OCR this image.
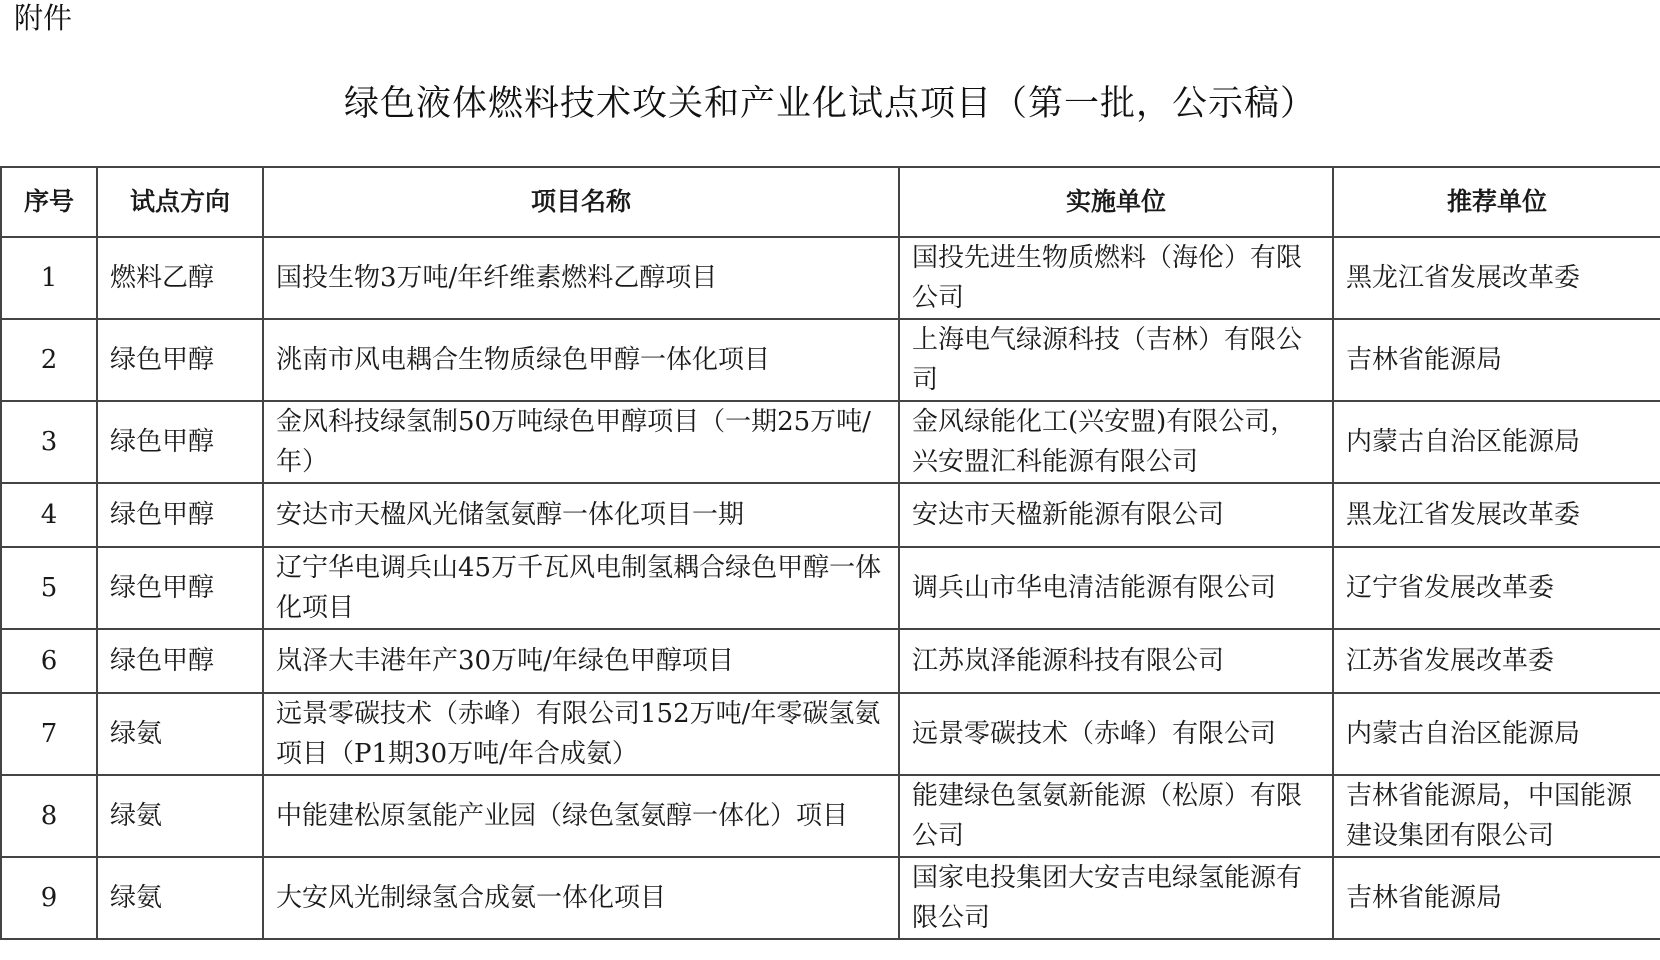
附件
绿色液体燃料技术攻关和产业化试点项目（第一批，公示稿）
序号	试点方向	项目名称	实施单位	推荐单位
1	燃料乙醇	国投生物3万吨/年纤维素燃料乙醇项目	国投先进生物质燃料（海伦）有限公司	黑龙江省发展改革委
2	绿色甲醇	洮南市风电耦合生物质绿色甲醇一体化项目	上海电气绿源科技（吉林）有限公司	吉林省能源局
3	绿色甲醇	金风科技绿氢制50万吨绿色甲醇项目（一期25万吨/年）	金风绿能化工(兴安盟)有限公司，兴安盟汇科能源有限公司	内蒙古自治区能源局
4	绿色甲醇	安达市天楹风光储氢氨醇一体化项目一期	安达市天楹新能源有限公司	黑龙江省发展改革委
5	绿色甲醇	辽宁华电调兵山45万千瓦风电制氢耦合绿色甲醇一体化项目	调兵山市华电清洁能源有限公司	辽宁省发展改革委
6	绿色甲醇	岚泽大丰港年产30万吨/年绿色甲醇项目	江苏岚泽能源科技有限公司	江苏省发展改革委
7	绿氨	远景零碳技术（赤峰）有限公司152万吨/年零碳氢氨项目（P1期30万吨/年合成氨）	远景零碳技术（赤峰）有限公司	内蒙古自治区能源局
8	绿氨	中能建松原氢能产业园（绿色氢氨醇一体化）项目	能建绿色氢氨新能源（松原）有限公司	吉林省能源局，中国能源建设集团有限公司
9	绿氨	大安风光制绿氢合成氨一体化项目	国家电投集团大安吉电绿氢能源有限公司	吉林省能源局
